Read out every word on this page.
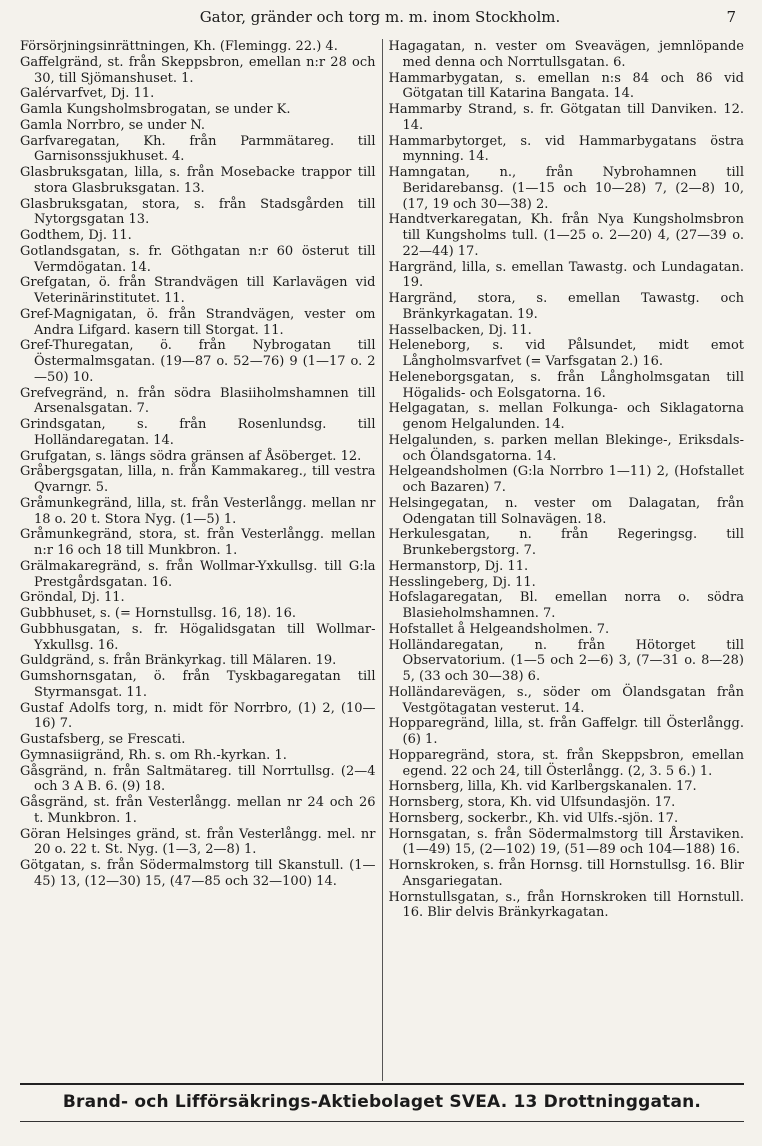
Gator, gränder och torg m. m. inom Stockholm.	7

Försörjningsinrättningen, Kh. (Flemingg. 22.) 4.

Gaffelgränd, st. från Skeppsbron, emellan n:r 28 och 30, till Sjömanshuset. 1.

Galérvarfvet, Dj. 11.

Gamla Kungsholmsbrogatan, se under K.

Gamla Norrbro, se under N.

Garfvaregatan, Kh. från Parmmätareg. till Garnisonssjukhuset. 4.

Glasbruksgatan, lilla, s. från Mosebacke trappor till stora Glasbruksgatan. 13.

Glasbruksgatan, stora, s. från Stadsgården till Nytorgsgatan 13.

Godthem, Dj. 11.

Gotlandsgatan, s. fr. Göthgatan n:r 60 österut till Vermdögatan. 14.

Grefgatan, ö. från Strandvägen till Karlavägen vid Veterinärinstitutet. 11.

Gref-Magnigatan, ö. från Strandvägen, vester om Andra Lifgard. kasern till Storgat. 11.

Gref-Thuregatan, ö. från Nybrogatan till Östermalmsgatan. (19—87 o. 52—76) 9 (1—17 o. 2—50) 10.

Grefvegränd, n. från södra Blasiiholmshamnen till Arsenalsgatan. 7.

Grindsgatan, s. från Rosenlundsg. till Holländaregatan. 14.

Grufgatan, s. längs södra gränsen af Åsöberget. 12.

Gråbergsgatan, lilla, n. från Kammakareg., till vestra Qvarngr. 5.

Gråmunkegränd, lilla, st. från Vesterlångg. mellan nr 18 o. 20 t. Stora Nyg. (1—5) 1.

Gråmunkegränd, stora, st. från Vesterlångg. mellan n:r 16 och 18 till Munkbron. 1.

Grälmakaregränd, s. från Wollmar-Yxkullsg. till G:la Prestgårdsgatan. 16.

Gröndal, Dj. 11.

Gubbhuset, s. (= Hornstullsg. 16, 18). 16.

Gubbhusgatan, s. fr. Högalidsgatan till Wollmar-Yxkullsg. 16.

Guldgränd, s. från Bränkyrkag. till Mälaren. 19.

Gumshornsgatan, ö. från Tyskbagaregatan till Styrmansgat. 11.

Gustaf Adolfs torg, n. midt för Norrbro, (1) 2, (10—16) 7.

Gustafsberg, se Frescati.

Gymnasiigränd, Rh. s. om Rh.-kyrkan. 1.

Gåsgränd, n. från Saltmätareg. till Norrtullsg. (2—4 och 3 A B. 6. (9) 18.

Gåsgränd, st. från Vesterlångg. mellan nr 24 och 26 t. Munkbron. 1.

Göran Helsinges gränd, st. från Vesterlångg. mel. nr 20 o. 22 t. St. Nyg. (1—3, 2—8) 1.

Götgatan, s. från Södermalmstorg till Skanstull. (1—45) 13, (12—30) 15, (47—85 och 32—100) 14.

Hagagatan, n. vester om Sveavägen, jemnlöpande med denna och Norrtullsgatan. 6.

Hammarbygatan, s. emellan n:s 84 och 86 vid Götgatan till Katarina Bangata. 14.

Hammarby Strand, s. fr. Götgatan till Danviken. 12. 14.

Hammarbytorget, s. vid Hammarbygatans östra mynning. 14.

Hamngatan, n., från Nybrohamnen till Beridarebansg. (1—15 och 10—28) 7, (2—8) 10, (17, 19 och 30—38) 2.

Handtverkaregatan, Kh. från Nya Kungsholmsbron till Kungsholms tull. (1—25 o. 2—20) 4, (27—39 o. 22—44) 17.

Hargränd, lilla, s. emellan Tawastg. och Lundagatan. 19.

Hargränd, stora, s. emellan Tawastg. och Bränkyrkagatan. 19.

Hasselbacken, Dj. 11.

Heleneborg, s. vid Pålsundet, midt emot Långholmsvarfvet (= Varfsgatan 2.) 16.

Heleneborgsgatan, s. från Långholmsgatan till Högalids- och Eolsgatorna. 16.

Helgagatan, s. mellan Folkunga- och Siklagatorna genom Helgalunden. 14.

Helgalunden, s. parken mellan Blekinge-, Eriksdals- och Ölandsgatorna. 14.

Helgeandsholmen (G:la Norrbro 1—11) 2, (Hofstallet och Bazaren) 7.

Helsingegatan, n. vester om Dalagatan, från Odengatan till Solnavägen. 18.

Herkulesgatan, n. från Regeringsg. till Brunkebergstorg. 7.

Hermanstorp, Dj. 11.

Hesslingeberg, Dj. 11.

Hofslagaregatan, Bl. emellan norra o. södra Blasieholmshamnen. 7.

Hofstallet å Helgeandsholmen. 7.

Holländaregatan, n. från Hötorget till Observatorium. (1—5 och 2—6) 3, (7—31 o. 8—28) 5, (33 och 30—38) 6.

Holländarevägen, s., söder om Ölandsgatan från Vestgötagatan vesterut. 14.

Hopparegränd, lilla, st. från Gaffelgr. till Österlångg. (6) 1.

Hopparegränd, stora, st. från Skeppsbron, emellan egend. 22 och 24, till Österlångg. (2, 3. 5 6.) 1.

Hornsberg, lilla, Kh. vid Karlbergskanalen. 17.

Hornsberg, stora, Kh. vid Ulfsundasjön. 17.

Hornsberg, sockerbr., Kh. vid Ulfs.-sjön. 17.

Hornsgatan, s. från Södermalmstorg till Årstaviken. (1—49) 15, (2—102) 19, (51—89 och 104—188) 16.

Hornskroken, s. från Hornsg. till Hornstullsg. 16. Blir Ansgariegatan.

Hornstullsgatan, s., från Hornskroken till Hornstull. 16. Blir delvis Bränkyrkagatan.

Brand- och Lifförsäkrings-Aktiebolaget SVEA. 13 Drottninggatan.
